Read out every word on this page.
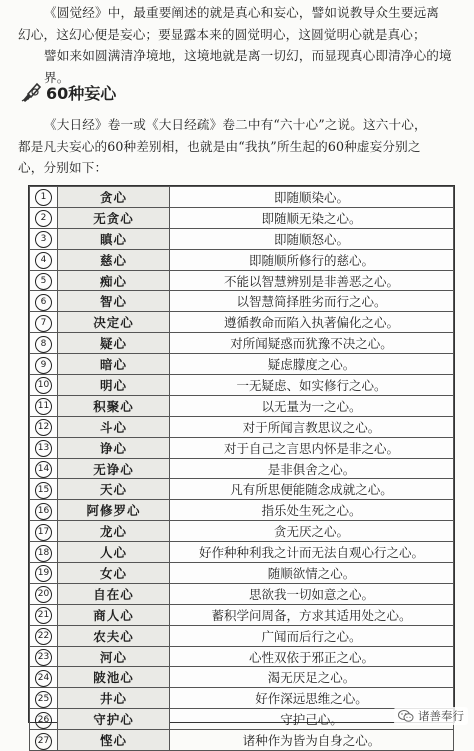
《圆觉经》中，最重要阐述的就是真心和妄心，譬如说教导众生要远离
幻心，这幻心便是妄心；要显露本来的圆觉明心，这圆觉明心就是真心；
譬如来如圆满清净境地，这境地就是离一切幻，而显现真心即清净心的境界。
60种妄心
《大日经》卷一或《大日经疏》卷二中有“六十心”之说。这六十心，
都是凡夫妄心的60种差别相，也就是由“我执”所生起的60种虚妄分别之
心，分别如下：
1	贪心	即随顺染心。
2	无贪心	即随顺无染之心。
3	瞋心	即随顺怒心。
4	慈心	即随顺所修行的慈心。
5	痴心	不能以智慧辨别是非善恶之心。
6	智心	以智慧简择胜劣而行之心。
7	决定心	遵循教命而陷入执著偏化之心。
8	疑心	对所闻疑惑而犹豫不决之心。
9	暗心	疑虑朦度之心。
10	明心	一无疑虑、如实修行之心。
11	积聚心	以无量为一之心。
12	斗心	对于所闻言教思议之心。
13	诤心	对于自己之言思内怀是非之心。
14	无诤心	是非俱舍之心。
15	天心	凡有所思便能随念成就之心。
16	阿修罗心	指乐处生死之心。
17	龙心	贪无厌之心。
18	人心	好作种种利我之计而无法自观心行之心。
19	女心	随顺欲情之心。
20	自在心	思欲我一切如意之心。
21	商人心	蓄积学问周备，方求其适用处之心。
22	农夫心	广闻而后行之心。
23	河心	心性双依于邪正之心。
24	陂池心	渴无厌足之心。
25	井心	好作深远思维之心。
26	守护心	守护己心。
27	悭心	诸种作为皆为自身之心。
诸善奉行
